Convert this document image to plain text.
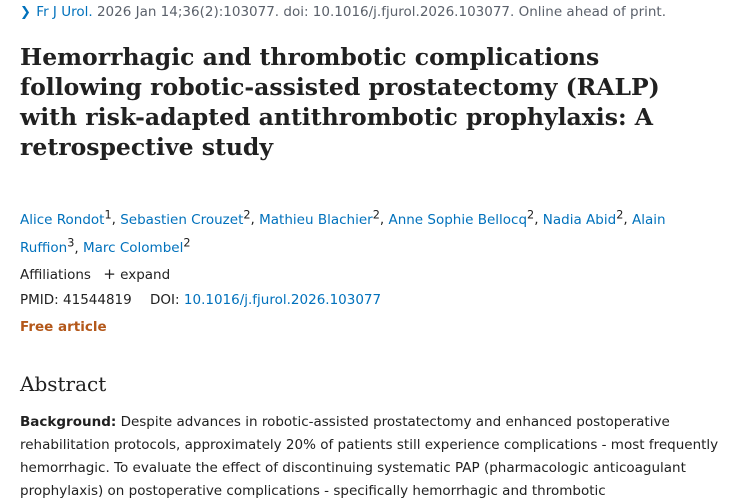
❯ Fr J Urol. 2026 Jan 14;36(2):103077. doi: 10.1016/j.fjurol.2026.103077. Online ahead of print.
Hemorrhagic and thrombotic complications following robotic-assisted prostatectomy (RALP) with risk-adapted antithrombotic prophylaxis: A retrospective study
Alice Rondot$^1$, Sebastien Crouzet$^2$, Mathieu Blachier$^2$, Anne Sophie Bellocq$^2$, Nadia Abid$^2$, Alain Ruffion$^3$, Marc Colombel$^2$
Affiliations + expand
PMID: 41544819 DOI: 10.1016/j.fjurol.2026.103077
Free article
Abstract
Background: Despite advances in robotic-assisted prostatectomy and enhanced postoperative rehabilitation protocols, approximately 20% of patients still experience complications - most frequently hemorrhagic. To evaluate the effect of discontinuing systematic PAP (pharmacologic anticoagulant prophylaxis) on postoperative complications - specifically hemorrhagic and thrombotic
